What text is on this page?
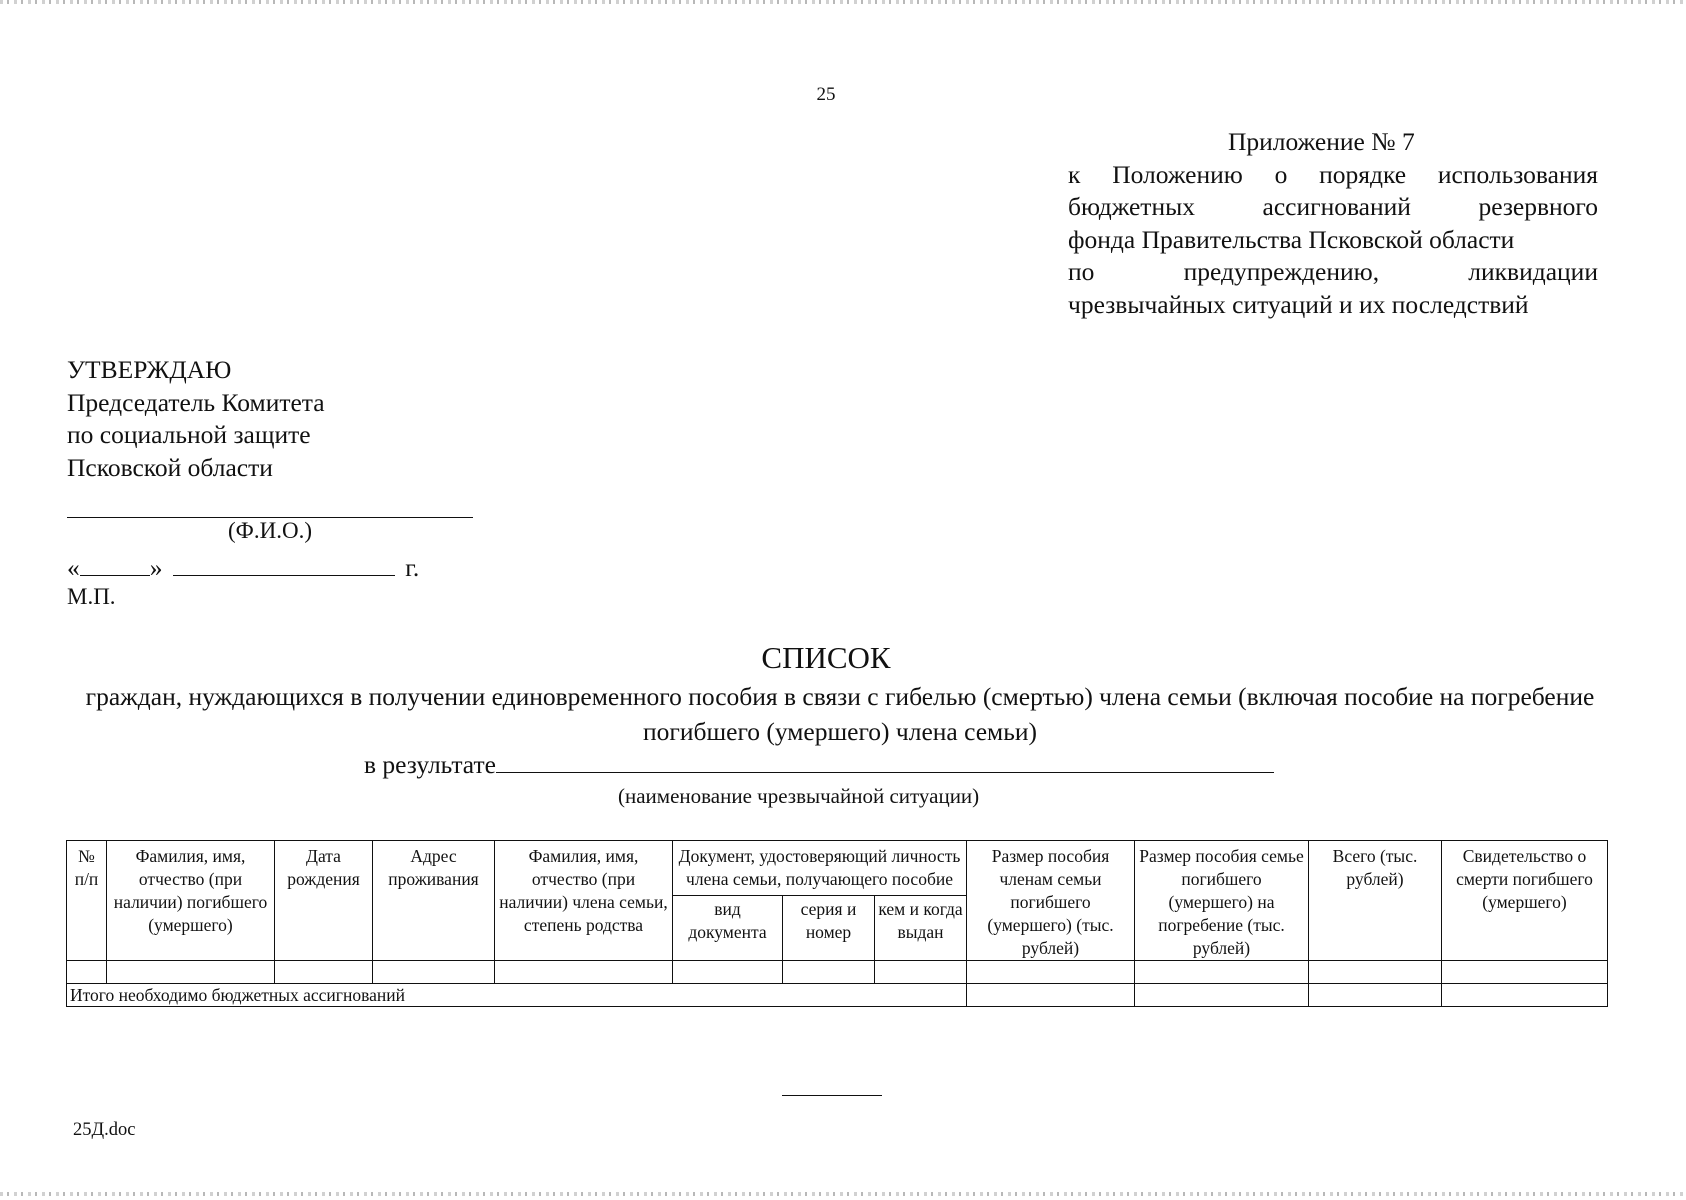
25
Приложение № 7
к Положению о порядке использования
бюджетных	ассигнований	резервного
фонда Правительства Псковской области
по	предупреждению,	ликвидации
чрезвычайных ситуаций и их последствий
УТВЕРЖДАЮ
Председатель Комитета
по социальной защите
Псковской области
(Ф.И.О.)
«	»	г.
М.П.
СПИСОК
граждан, нуждающихся в получении единовременного пособия в связи с гибелью (смертью) члена семьи (включая пособие на погребение погибшего (умершего) члена семьи)
в результате
(наименование чрезвычайной ситуации)
№ п/п	Фамилия, имя, отчество (при наличии) погибшего (умершего)	Дата рождения	Адрес проживания	Фамилия, имя, отчество (при наличии) члена семьи, степень родства	Документ, удостоверяющий личность члена семьи, получающего пособие			Размер пособия членам семьи погибшего (умершего) (тыс. рублей)	Размер пособия семье погибшего (умершего) на погребение (тыс. рублей)	Всего (тыс. рублей)	Свидетельство о смерти погибшего (умершего)
					вид документа	серия и номер	кем и когда выдан				

Итого необходимо бюджетных ассигнований											
25Д.doc
